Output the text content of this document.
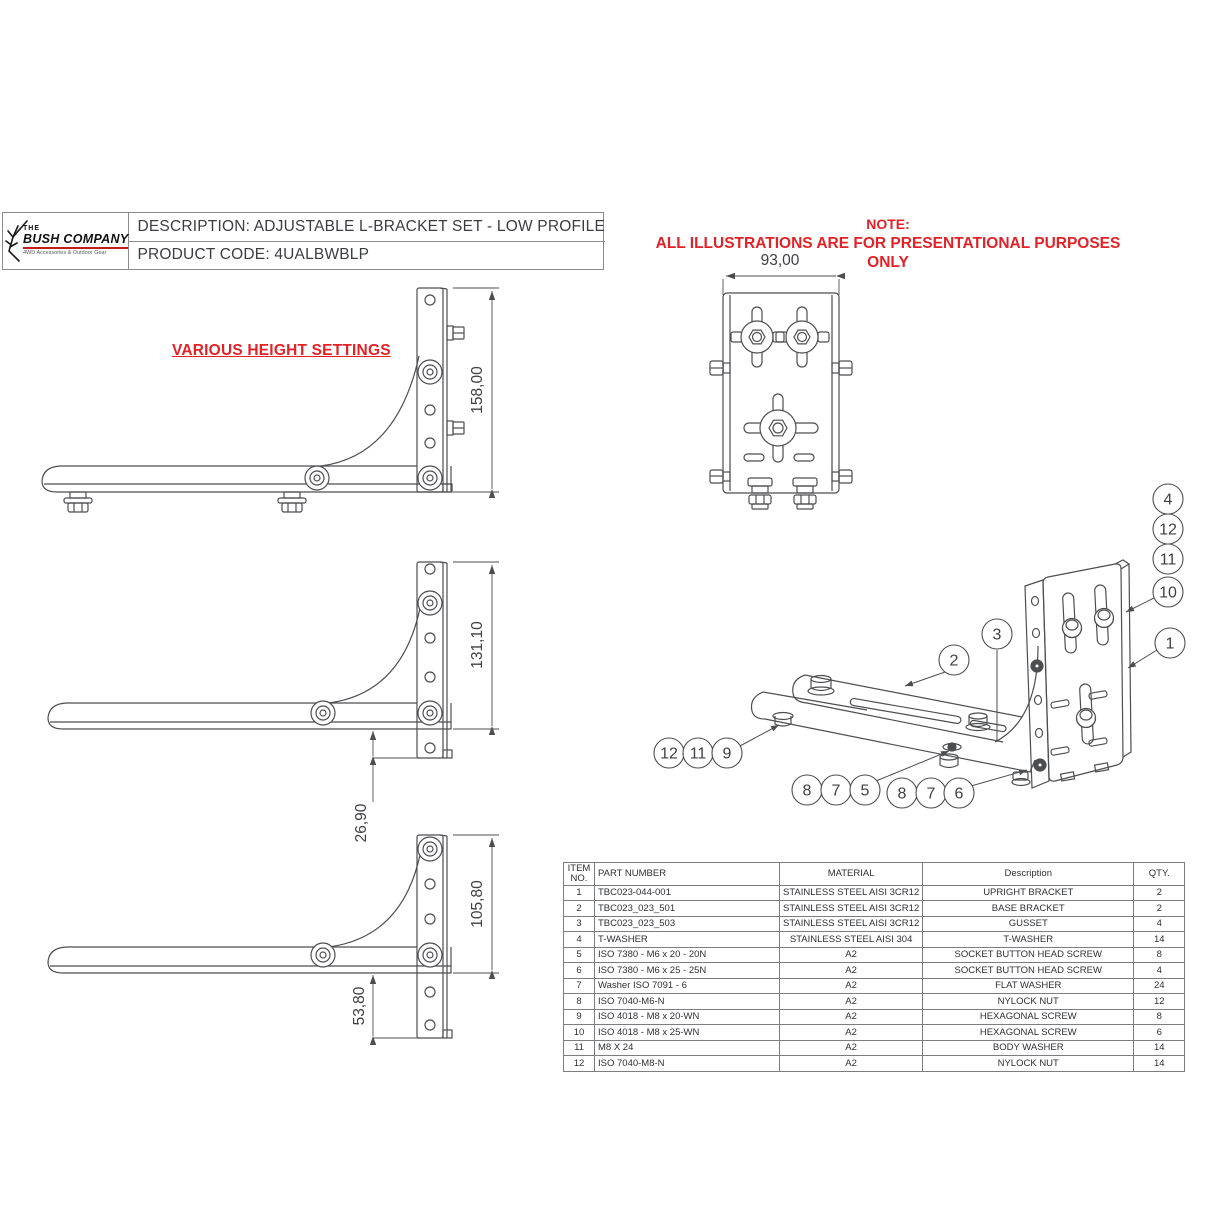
THE
BUSH COMPANY
4WD Accessories & Outdoor Gear
DESCRIPTION: ADJUSTABLE L-BRACKET SET - LOW PROFILE
PRODUCT CODE: 4UALBWBLP
NOTE:
ALL ILLUSTRATIONS ARE FOR PRESENTATIONAL PURPOSES ONLY
VARIOUS HEIGHT SETTINGS
158,00
131,10
26,90
105,80
53,80
93,00
4
12
11
10
1
3
2
12 11 9
8 7 5 8 7 6
ITEM NO.	PART NUMBER	MATERIAL	Description	QTY.
1	TBC023-044-001	STAINLESS STEEL AISI 3CR12	UPRIGHT BRACKET	2
2	TBC023_023_501	STAINLESS STEEL AISI 3CR12	BASE BRACKET	2
3	TBC023_023_503	STAINLESS STEEL AISI 3CR12	GUSSET	4
4	T-WASHER	STAINLESS STEEL AISI 304	T-WASHER	14
5	ISO 7380 - M6 x 20 - 20N	A2	SOCKET BUTTON HEAD SCREW	8
6	ISO 7380 - M6 x 25 - 25N	A2	SOCKET BUTTON HEAD SCREW	4
7	Washer ISO 7091 - 6	A2	FLAT WASHER	24
8	ISO 7040-M6-N	A2	NYLOCK NUT	12
9	ISO 4018 - M8 x 20-WN	A2	HEXAGONAL SCREW	8
10	ISO 4018 - M8 x 25-WN	A2	HEXAGONAL SCREW	6
11	M8 X 24	A2	BODY WASHER	14
12	ISO 7040-M8-N	A2	NYLOCK NUT	14
